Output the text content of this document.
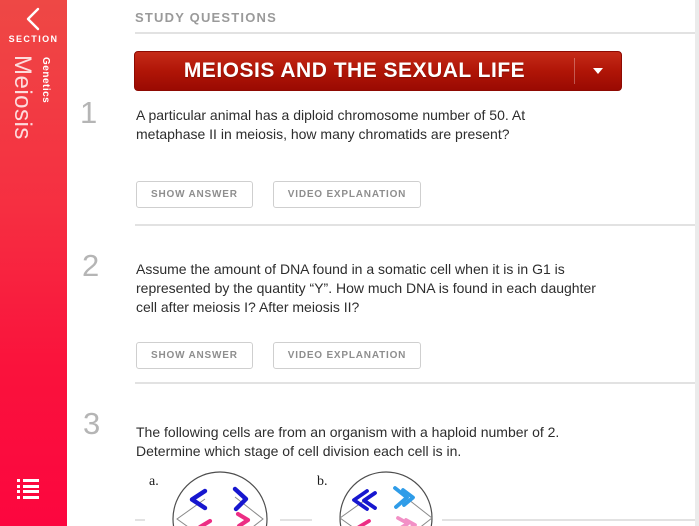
SECTION
Meiosis Genetics
STUDY QUESTIONS
MEIOSIS AND THE SEXUAL LIFE
1	A particular animal has a diploid chromosome number of 50. At metaphase II in meiosis, how many chromatids are present?
SHOW ANSWER	VIDEO EXPLANATION
2	Assume the amount of DNA found in a somatic cell when it is in G1 is represented by the quantity “Y”. How much DNA is found in each daughter cell after meiosis I? After meiosis II?
SHOW ANSWER	VIDEO EXPLANATION
3	The following cells are from an organism with a haploid number of 2. Determine which stage of cell division each cell is in.
a.	b.
